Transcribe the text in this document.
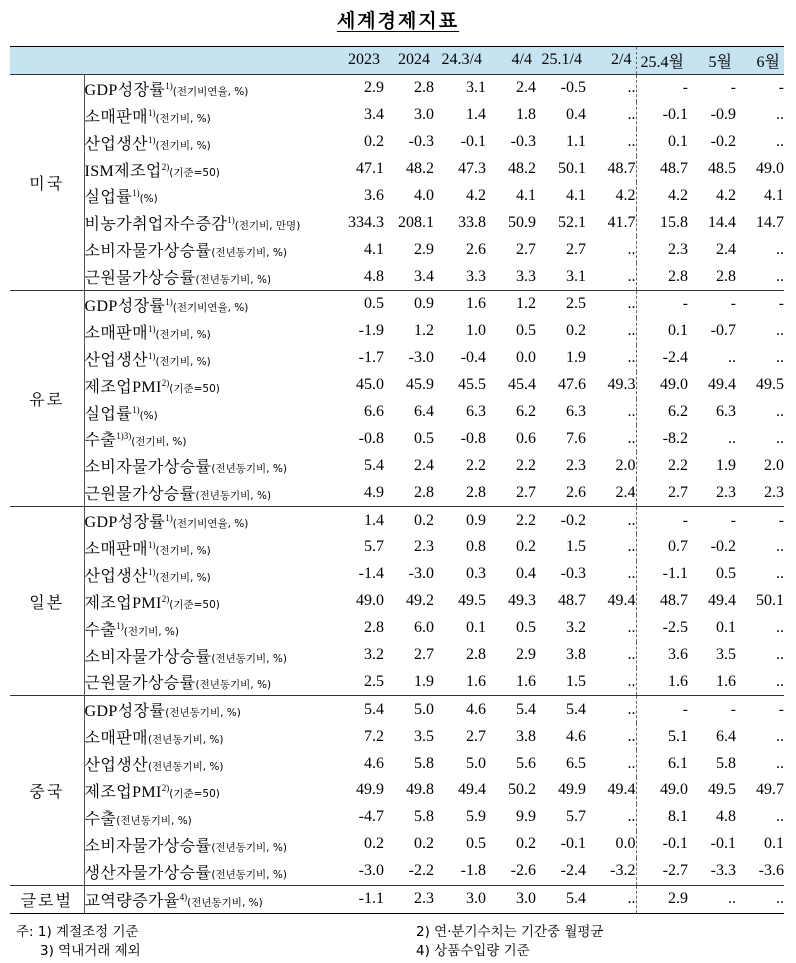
세계경제지표
		2023	2024	24.3/4	4/4	25.1/4	2/4	25.4월	5월	6월
미국	GDP성장률$^{1)}$(전기비연율, %)	2.9	2.8	3.1	2.4	-0.5	..	-	-	-
	소매판매$^{1)}$(전기비, %)	3.4	3.0	1.4	1.8	0.4	..	-0.1	-0.9	..
	산업생산$^{1)}$(전기비, %)	0.2	-0.3	-0.1	-0.3	1.1	..	0.1	-0.2	..
	ISM제조업$^{2)}$(기준=50)	47.1	48.2	47.3	48.2	50.1	48.7	48.7	48.5	49.0
	실업률$^{1)}$(%)	3.6	4.0	4.2	4.1	4.1	4.2	4.2	4.2	4.1
	비농가취업자수증감$^{1)}$(전기비, 만명)	334.3	208.1	33.8	50.9	52.1	41.7	15.8	14.4	14.7
	소비자물가상승률(전년동기비, %)	4.1	2.9	2.6	2.7	2.7	..	2.3	2.4	..
	근원물가상승률(전년동기비, %)	4.8	3.4	3.3	3.3	3.1	..	2.8	2.8	..
유로	GDP성장률$^{1)}$(전기비연율, %)	0.5	0.9	1.6	1.2	2.5	..	-	-	-
	소매판매$^{1)}$(전기비, %)	-1.9	1.2	1.0	0.5	0.2	..	0.1	-0.7	..
	산업생산$^{1)}$(전기비, %)	-1.7	-3.0	-0.4	0.0	1.9	..	-2.4	..	..
	제조업PMI$^{2)}$(기준=50)	45.0	45.9	45.5	45.4	47.6	49.3	49.0	49.4	49.5
	실업률$^{1)}$(%)	6.6	6.4	6.3	6.2	6.3	..	6.2	6.3	..
	수출$^{1)3)}$(전기비, %)	-0.8	0.5	-0.8	0.6	7.6	..	-8.2	..	..
	소비자물가상승률(전년동기비, %)	5.4	2.4	2.2	2.2	2.3	2.0	2.2	1.9	2.0
	근원물가상승률(전년동기비, %)	4.9	2.8	2.8	2.7	2.6	2.4	2.7	2.3	2.3
일본	GDP성장률$^{1)}$(전기비연율, %)	1.4	0.2	0.9	2.2	-0.2	..	-	-	-
	소매판매$^{1)}$(전기비, %)	5.7	2.3	0.8	0.2	1.5	..	0.7	-0.2	..
	산업생산$^{1)}$(전기비, %)	-1.4	-3.0	0.3	0.4	-0.3	..	-1.1	0.5	..
	제조업PMI$^{2)}$(기준=50)	49.0	49.2	49.5	49.3	48.7	49.4	48.7	49.4	50.1
	수출$^{1)}$(전기비, %)	2.8	6.0	0.1	0.5	3.2	..	-2.5	0.1	..
	소비자물가상승률(전년동기비, %)	3.2	2.7	2.8	2.9	3.8	..	3.6	3.5	..
	근원물가상승률(전년동기비, %)	2.5	1.9	1.6	1.6	1.5	..	1.6	1.6	..
중국	GDP성장률(전년동기비, %)	5.4	5.0	4.6	5.4	5.4	..	-	-	-
	소매판매(전년동기비, %)	7.2	3.5	2.7	3.8	4.6	..	5.1	6.4	..
	산업생산(전년동기비, %)	4.6	5.8	5.0	5.6	6.5	..	6.1	5.8	..
	제조업PMI$^{2)}$(기준=50)	49.9	49.8	49.4	50.2	49.9	49.4	49.0	49.5	49.7
	수출(전년동기비, %)	-4.7	5.8	5.9	9.9	5.7	..	8.1	4.8	..
	소비자물가상승률(전년동기비, %)	0.2	0.2	0.5	0.2	-0.1	0.0	-0.1	-0.1	0.1
	생산자물가상승률(전년동기비, %)	-3.0	-2.2	-1.8	-2.6	-2.4	-3.2	-2.7	-3.3	-3.6
글로벌	교역량증가율$^{4)}$(전년동기비, %)	-1.1	2.3	3.0	3.0	5.4	..	2.9	..	..
주: 1) 계절조정 기준	2) 연·분기수치는 기간중 월평균
3) 역내거래 제외	4) 상품수입량 기준
